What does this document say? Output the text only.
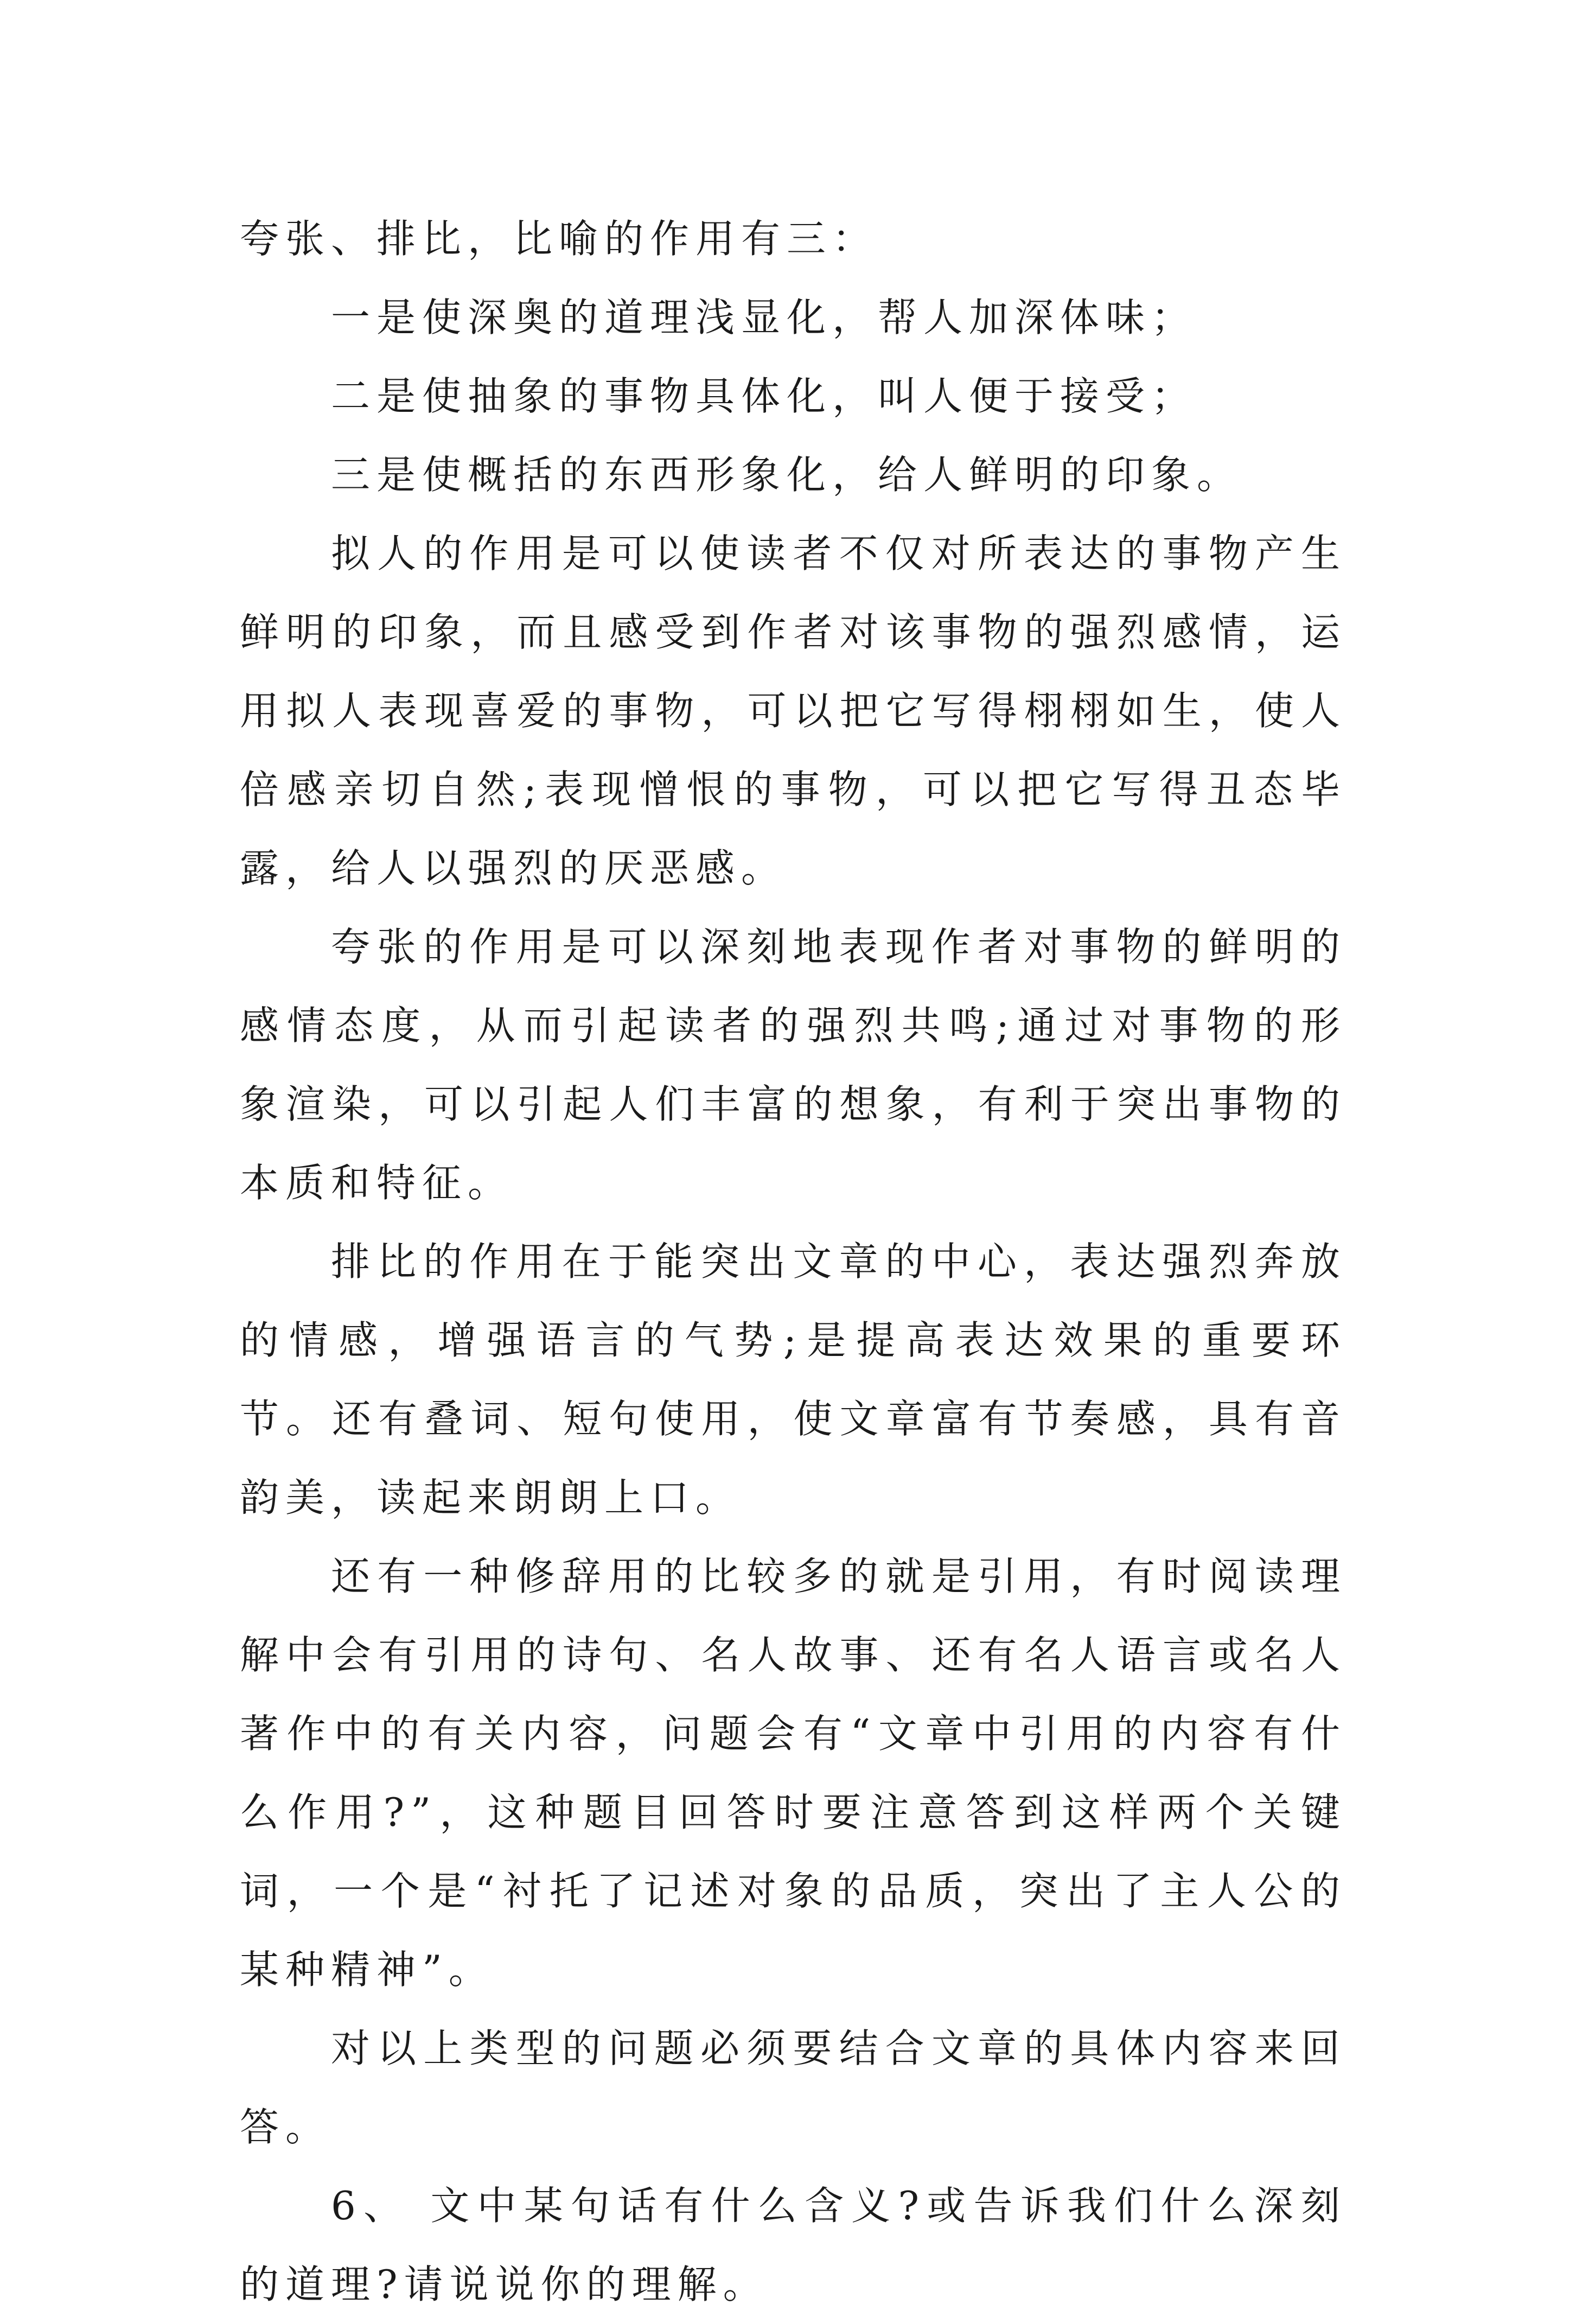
夸张、排比，比喻的作用有三：

一是使深奥的道理浅显化，帮人加深体味；

二是使抽象的事物具体化，叫人便于接受；

三是使概括的东西形象化，给人鲜明的印象。

拟人的作用是可以使读者不仅对所表达的事物产生鲜明的印象，而且感受到作者对该事物的强烈感情，运用拟人表现喜爱的事物，可以把它写得栩栩如生，使人倍感亲切自然;表现憎恨的事物，可以把它写得丑态毕露，给人以强烈的厌恶感。

夸张的作用是可以深刻地表现作者对事物的鲜明的感情态度，从而引起读者的强烈共鸣;通过对事物的形象渲染，可以引起人们丰富的想象，有利于突出事物的本质和特征。

排比的作用在于能突出文章的中心，表达强烈奔放的情感，增强语言的气势;是提高表达效果的重要环节。还有叠词、短句使用，使文章富有节奏感，具有音韵美，读起来朗朗上口。

还有一种修辞用的比较多的就是引用，有时阅读理解中会有引用的诗句、名人故事、还有名人语言或名人著作中的有关内容，问题会有“文章中引用的内容有什么作用?”，这种题目回答时要注意答到这样两个关键词，一个是“衬托了记述对象的品质，突出了主人公的某种精神”。

对以上类型的问题必须要结合文章的具体内容来回答。

6、 文中某句话有什么含义?或告诉我们什么深刻的道理?请说说你的理解。
